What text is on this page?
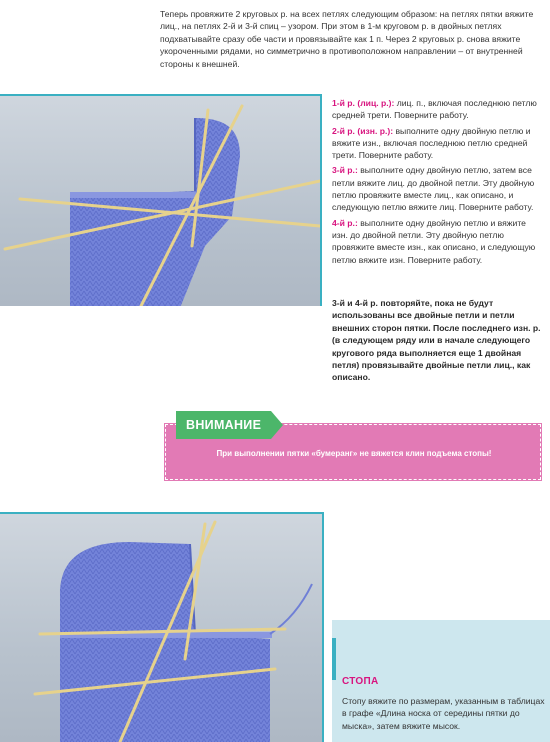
Теперь провяжите 2 круговых р. на всех петлях следующим образом: на петлях пятки вяжите лиц., на петлях 2-й и 3-й спиц – узором. При этом в 1-м круговом р. в двойных петлях подхватывайте сразу обе части и провязывайте как 1 п. Через 2 круговых р. снова вяжите укороченными рядами, но симметрично в противоположном направлении – от внутренней стороны к внешней.

1-й р. (лиц. р.): лиц. п., включая последнюю петлю средней трети. Поверните работу.

2-й р. (изн. р.): выполните одну двойную петлю и вяжите изн., включая последнюю петлю средней трети. Поверните работу.

3-й р.: выполните одну двойную петлю, затем все петли вяжите лиц. до двойной петли. Эту двойную петлю провяжите вместе лиц., как описано, и следующую петлю вяжите лиц. Поверните работу.

4-й р.: выполните одну двойную петлю и вяжите изн. до двойной петли. Эту двойную петлю провяжите вместе изн., как описано, и следующую петлю вяжите изн. Поверните работу.

3-й и 4-й р. повторяйте, пока не будут использованы все двойные петли и петли внешних сторон пятки. После последнего изн. р. (в следующем ряду или в начале следующего кругового ряда выполняется еще 1 двойная петля) провязывайте двойные петли лиц., как описано.

ВНИМАНИЕ

При выполнении пятки «бумеранг» не вяжется клин подъема стопы!

СТОПА

Стопу вяжите по размерам, указанным в таблицах в графе «Длина носка от середины пятки до мыска», затем вяжите мысок.
